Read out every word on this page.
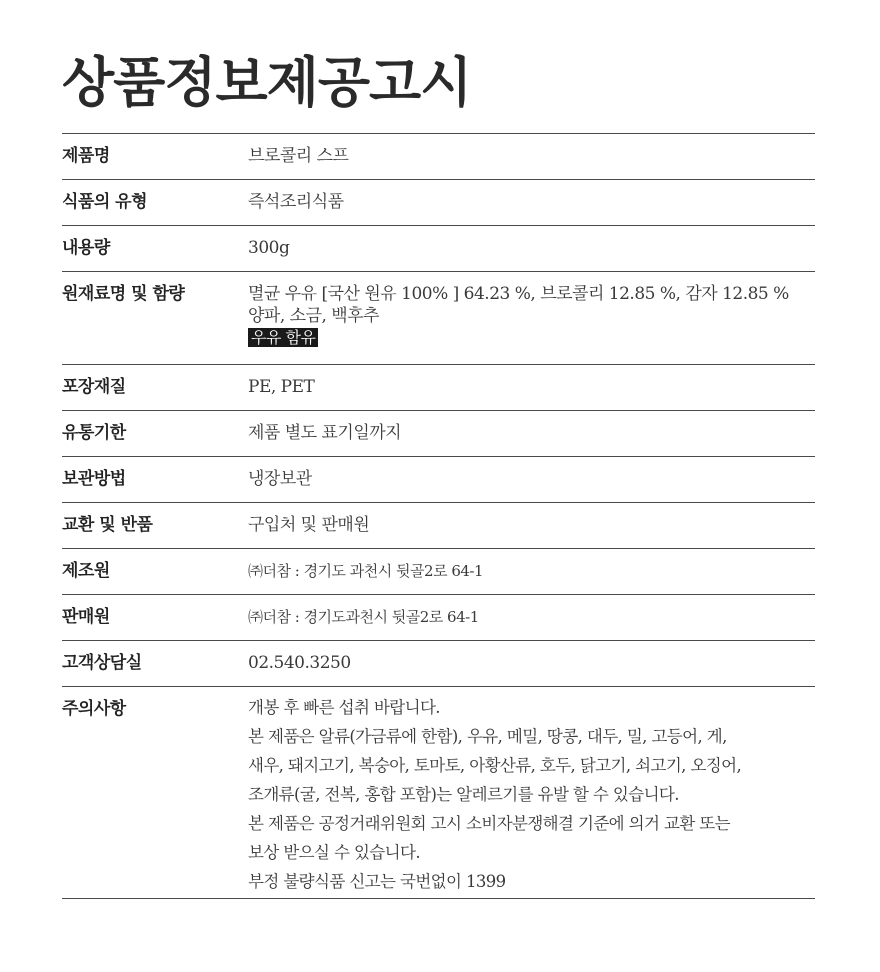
상품정보제공고시
제품명	브로콜리 스프
식품의 유형	즉석조리식품
내용량	300g
원재료명 및 함량	멸균 우유 [국산 원유 100% ] 64.23 %, 브로콜리 12.85 %, 감자 12.85 %
양파, 소금, 백후추
우유 함유
포장재질	PE, PET
유통기한	제품 별도 표기일까지
보관방법	냉장보관
교환 및 반품	구입처 및 판매원
제조원	㈜더참 : 경기도 과천시 뒷골2로 64-1
판매원	㈜더참 : 경기도과천시 뒷골2로 64-1
고객상담실	02.540.3250
주의사항	개봉 후 빠른 섭취 바랍니다.
본 제품은 알류(가금류에 한함), 우유, 메밀, 땅콩, 대두, 밀, 고등어, 게,
새우, 돼지고기, 복숭아, 토마토, 아황산류, 호두, 닭고기, 쇠고기, 오징어,
조개류(굴, 전복, 홍합 포함)는 알레르기를 유발 할 수 있습니다.
본 제품은 공정거래위원회 고시 소비자분쟁해결 기준에 의거 교환 또는
보상 받으실 수 있습니다.
부정 불량식품 신고는 국번없이 1399
